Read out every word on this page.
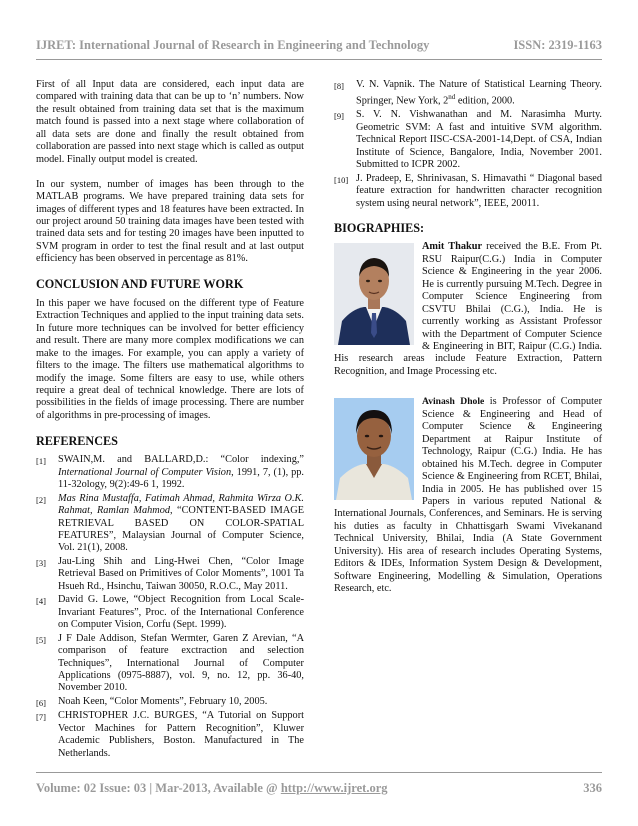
IJRET: International Journal of Research in Engineering and Technology	ISSN: 2319-1163

First of all Input data are considered, each input data are compared with training data that can be up to ‘n’ numbers. Now the result obtained from training data set that is the maximum match found is passed into a next stage where collaboration of all data sets are done and finally the result obtained from collaboration are passed into next stage which is called as output model. Finally output model is created.

In our system, number of images has been through to the MATLAB programs. We have prepared training data sets for images of different types and 18 features have been extracted. In our project around 50 training data images have been tested with trained data sets and for testing 20 images have been inputted to SVM program in order to test the final result and at last output efficiency has been observed in percentage as 81%.

CONCLUSION AND FUTURE WORK

In this paper we have focused on the different type of Feature Extraction Techniques and applied to the input training data sets. In future more techniques can be involved for better efficiency and result. There are many more complex modifications we can make to the images. For example, you can apply a variety of filters to the image. The filters use mathematical algorithms to modify the image. Some filters are easy to use, while others require a great deal of technical knowledge. There are lots of possibilities in the fields of image processing. There are number of algorithms in pre-processing of images.

REFERENCES
[1]	SWAIN,M. and BALLARD,D.: “Color indexing,” International Journal of Computer Vision, 1991, 7, (1), pp. 11-32ology, 9(2):49-6 1, 1992.
[2]	Mas Rina Mustaffa, Fatimah Ahmad, Rahmita Wirza O.K. Rahmat, Ramlan Mahmod, “CONTENT-BASED IMAGE RETRIEVAL BASED ON COLOR-SPATIAL FEATURES”, Malaysian Journal of Computer Science, Vol. 21(1), 2008.
[3]	Jau-Ling Shih and Ling-Hwei Chen, “Color Image Retrieval Based on Primitives of Color Moments”, 1001 Ta Hsueh Rd., Hsinchu, Taiwan 30050, R.O.C., May 2011.
[4]	David G. Lowe, “Object Recognition from Local Scale-Invariant Features”, Proc. of the International Conference on Computer Vision, Corfu (Sept. 1999).
[5]	J F Dale Addison, Stefan Wermter, Garen Z Arevian, “A comparison of feature exctraction and selection Techniques”, International Journal of Computer Applications (0975-8887), vol. 9, no. 12, pp. 36-40, November 2010.
[6]	Noah Keen, “Color Moments”, February 10, 2005.
[7]	CHRISTOPHER J.C. BURGES, “A Tutorial on Support Vector Machines for Pattern Recognition”, Kluwer Academic Publishers, Boston. Manufactured in The Netherlands.
[8]	V. N. Vapnik. The Nature of Statistical Learning Theory. Springer, New York, 2nd edition, 2000.
[9]	S. V. N. Vishwanathan and M. Narasimha Murty. Geometric SVM: A fast and intuitive SVM algorithm. Technical Report IISC-CSA-2001-14,Dept. of CSA, Indian Institute of Science, Bangalore, India, November 2001. Submitted to ICPR 2002.
[10] J. Pradeep, E, Shrinivasan, S. Himavathi “ Diagonal based feature extraction for handwritten character recognition system using neural network”, IEEE, 20011.
BIOGRAPHIES:

Amit Thakur received the B.E. From Pt. RSU Raipur(C.G.) India in Computer Science & Engineering in the year 2006. He is currently pursuing M.Tech. Degree in Computer Science Engineering from CSVTU Bhilai (C.G.), India. He is currently working as Assistant Professor with the Department of Computer Science & Engineering in BIT, Raipur (C.G.) India. His research areas include Feature Extraction, Pattern Recognition, and Image Processing etc.

Avinash Dhole is Professor of Computer Science & Engineering and Head of Computer Science & Engineering Department at Raipur Institute of Technology, Raipur (C.G.) India. He has obtained his M.Tech. degree in Computer Science & Engineering from RCET, Bhilai, India in 2005. He has published over 15 Papers in various reputed National & International Journals, Conferences, and Seminars. He is serving his duties as faculty in Chhattisgarh Swami Vivekanand Technical University, Bhilai, India (A State Government University). His area of research includes Operating Systems, Editors & IDEs, Information System Design & Development, Software Engineering, Modelling & Simulation, Operations Research, etc.

Volume: 02 Issue: 03 | Mar-2013, Available @ http://www.ijret.org	336
